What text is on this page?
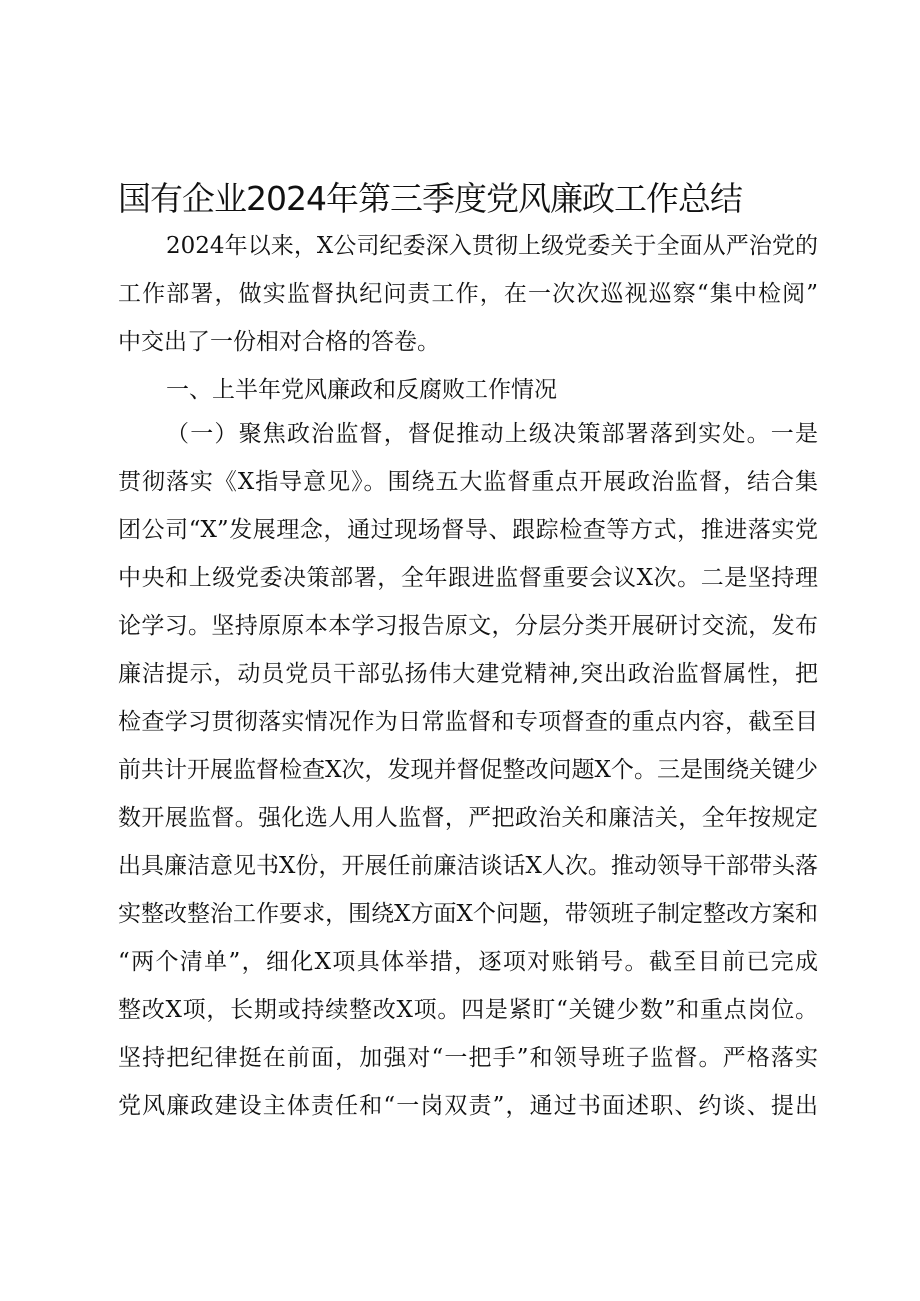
国有企业2024年第三季度党风廉政工作总结
2024年以来，X公司纪委深入贯彻上级党委关于全面从严治党的
工作部署，做实监督执纪问责工作，在一次次巡视巡察“集中检阅”
中交出了一份相对合格的答卷。
一、上半年党风廉政和反腐败工作情况
（一）聚焦政治监督，督促推动上级决策部署落到实处。一是
贯彻落实《X指导意见》。围绕五大监督重点开展政治监督，结合集
团公司“X”发展理念，通过现场督导、跟踪检查等方式，推进落实党
中央和上级党委决策部署，全年跟进监督重要会议X次。二是坚持理
论学习。坚持原原本本学习报告原文，分层分类开展研讨交流，发布
廉洁提示，动员党员干部弘扬伟大建党精神,突出政治监督属性，把
检查学习贯彻落实情况作为日常监督和专项督查的重点内容，截至目
前共计开展监督检查X次，发现并督促整改问题X个。三是围绕关键少
数开展监督。强化选人用人监督，严把政治关和廉洁关，全年按规定
出具廉洁意见书X份，开展任前廉洁谈话X人次。推动领导干部带头落
实整改整治工作要求，围绕X方面X个问题，带领班子制定整改方案和
“两个清单”，细化X项具体举措，逐项对账销号。截至目前已完成
整改X项，长期或持续整改X项。四是紧盯“关键少数”和重点岗位。
坚持把纪律挺在前面，加强对“一把手”和领导班子监督。严格落实
党风廉政建设主体责任和“一岗双责”，通过书面述职、约谈、提出
